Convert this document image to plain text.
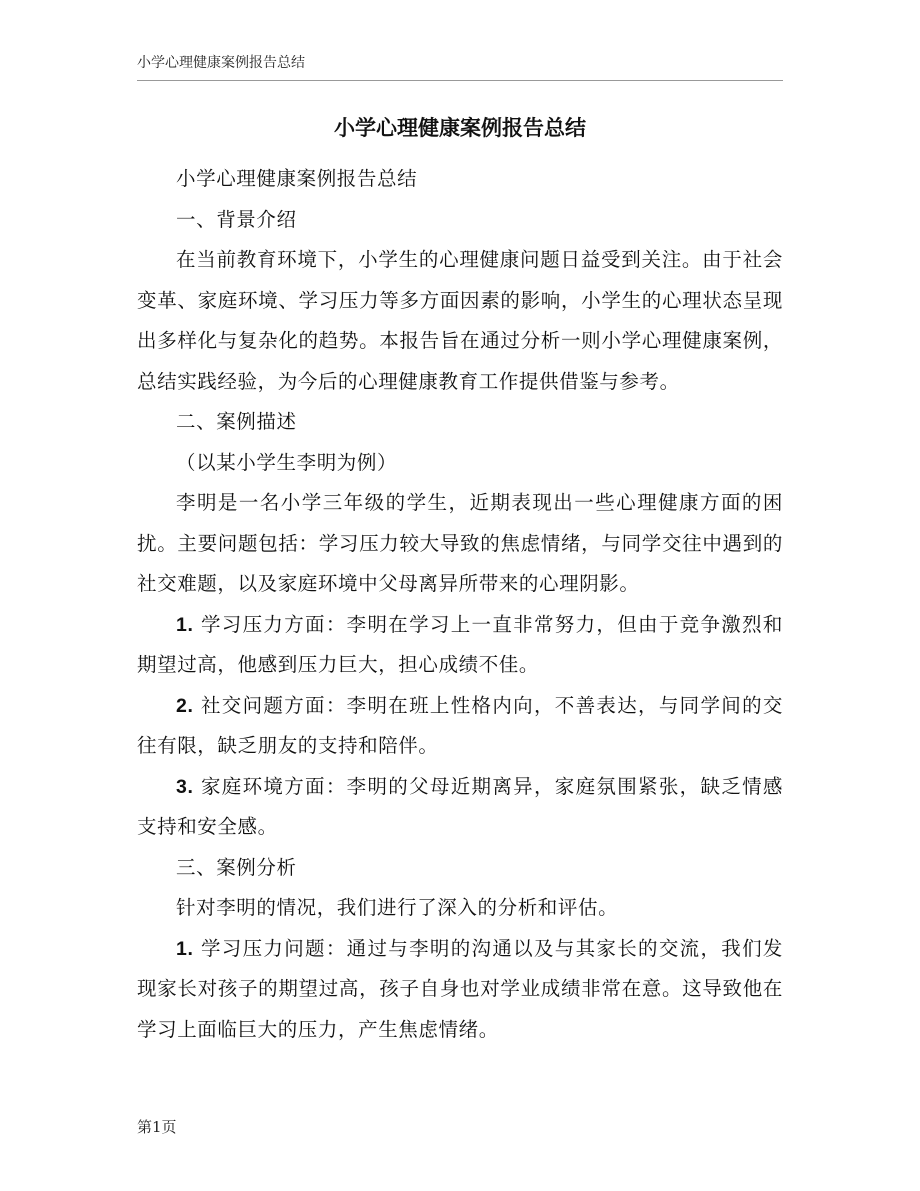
小学心理健康案例报告总结
小学心理健康案例报告总结

小学心理健康案例报告总结

一、背景介绍

在当前教育环境下，小学生的心理健康问题日益受到关注。由于社会变革、家庭环境、学习压力等多方面因素的影响，小学生的心理状态呈现出多样化与复杂化的趋势。本报告旨在通过分析一则小学心理健康案例，总结实践经验，为今后的心理健康教育工作提供借鉴与参考。

二、案例描述

（以某小学生李明为例）

李明是一名小学三年级的学生，近期表现出一些心理健康方面的困扰。主要问题包括：学习压力较大导致的焦虑情绪，与同学交往中遇到的社交难题，以及家庭环境中父母离异所带来的心理阴影。

1. 学习压力方面：李明在学习上一直非常努力，但由于竞争激烈和期望过高，他感到压力巨大，担心成绩不佳。

2. 社交问题方面：李明在班上性格内向，不善表达，与同学间的交往有限，缺乏朋友的支持和陪伴。

3. 家庭环境方面：李明的父母近期离异，家庭氛围紧张，缺乏情感支持和安全感。

三、案例分析

针对李明的情况，我们进行了深入的分析和评估。

1. 学习压力问题：通过与李明的沟通以及与其家长的交流，我们发现家长对孩子的期望过高，孩子自身也对学业成绩非常在意。这导致他在学习上面临巨大的压力，产生焦虑情绪。

第1页
